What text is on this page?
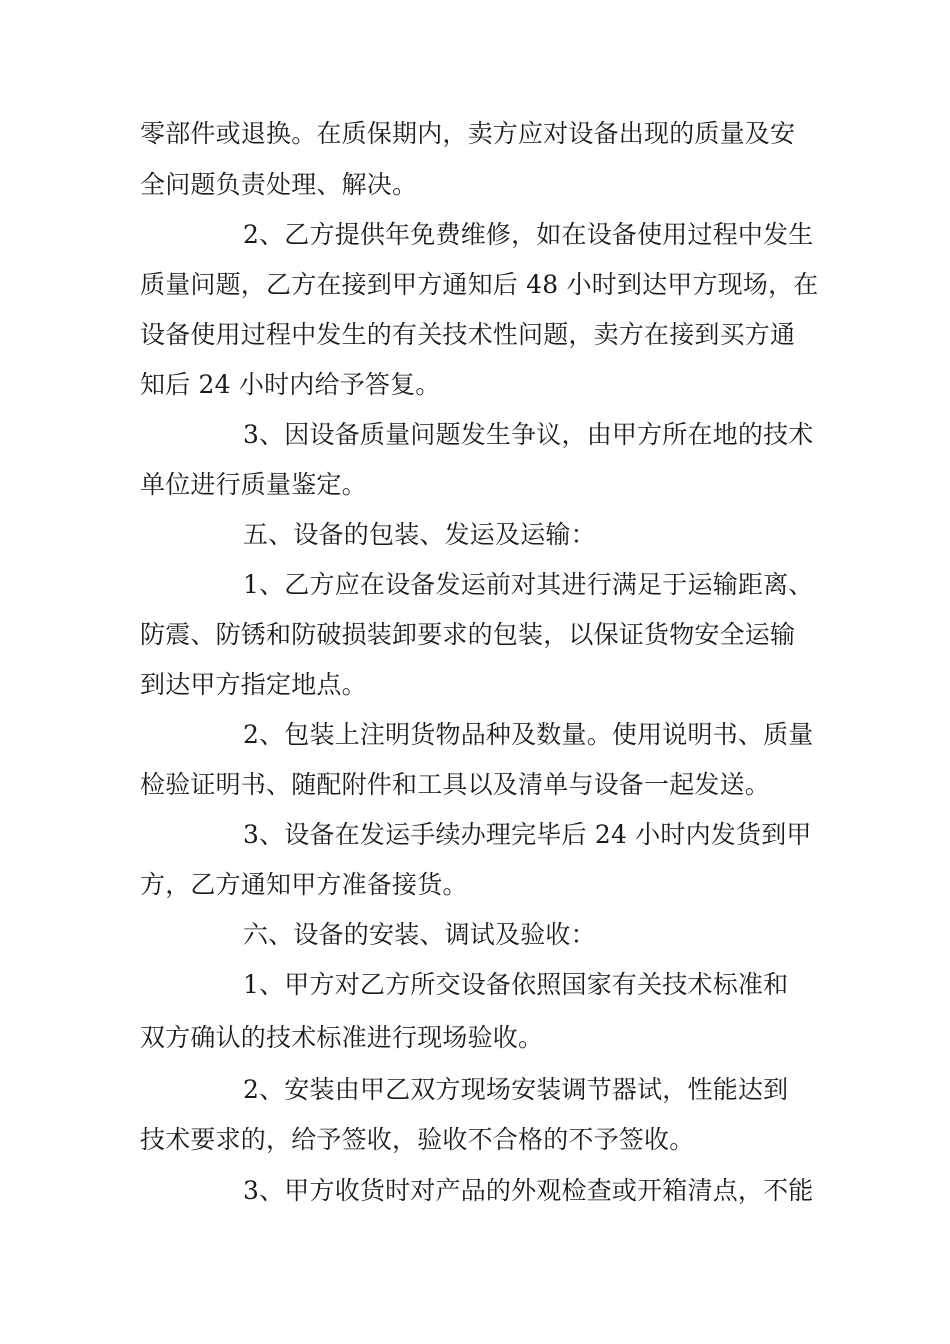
零部件或退换。在质保期内，卖方应对设备出现的质量及安
全问题负责处理、解决。
2、乙方提供年免费维修，如在设备使用过程中发生
质量问题，乙方在接到甲方通知后 48 小时到达甲方现场，在
设备使用过程中发生的有关技术性问题，卖方在接到买方通
知后 24 小时内给予答复。
3、因设备质量问题发生争议，由甲方所在地的技术
单位进行质量鉴定。
五、设备的包装、发运及运输：
1、乙方应在设备发运前对其进行满足于运输距离、
防震、防锈和防破损装卸要求的包装，以保证货物安全运输
到达甲方指定地点。
2、包装上注明货物品种及数量。使用说明书、质量
检验证明书、随配附件和工具以及清单与设备一起发送。
3、设备在发运手续办理完毕后 24 小时内发货到甲
方，乙方通知甲方准备接货。
六、设备的安装、调试及验收：
1、甲方对乙方所交设备依照国家有关技术标准和
双方确认的技术标准进行现场验收。
2、安装由甲乙双方现场安装调节器试，性能达到
技术要求的，给予签收，验收不合格的不予签收。
3、甲方收货时对产品的外观检查或开箱清点，不能
